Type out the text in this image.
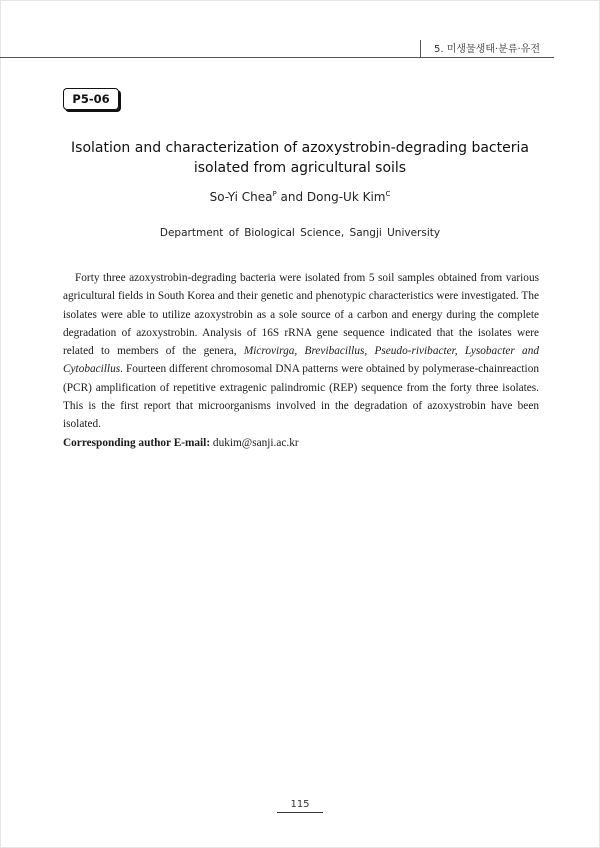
5. 미생물생태·분류·유전
P5-06
Isolation and characterization of azoxystrobin-degrading bacteria
isolated from agricultural soils
So-Yi Chea$^P$ and Dong-Uk Kim$^C$
Department of Biological Science, Sangji University

Forty three azoxystrobin-degrading bacteria were isolated from 5 soil samples obtained from various agricultural fields in South Korea and their genetic and phenotypic characteristics were investigated. The isolates were able to utilize azoxystrobin as a sole source of a carbon and energy during the complete degradation of azoxystrobin. Analysis of 16S rRNA gene sequence indicated that the isolates were related to members of the genera, Microvirga, Brevibacillus, Pseudo-rivibacter, Lysobacter and Cytobacillus. Fourteen different chromosomal DNA patterns were obtained by polymerase-chainreaction (PCR) amplification of repetitive extragenic palindromic (REP) sequence from the forty three isolates. This is the first report that microorganisms involved in the degradation of azoxystrobin have been isolated.

Corresponding author E-mail: dukim@sanji.ac.kr
115
